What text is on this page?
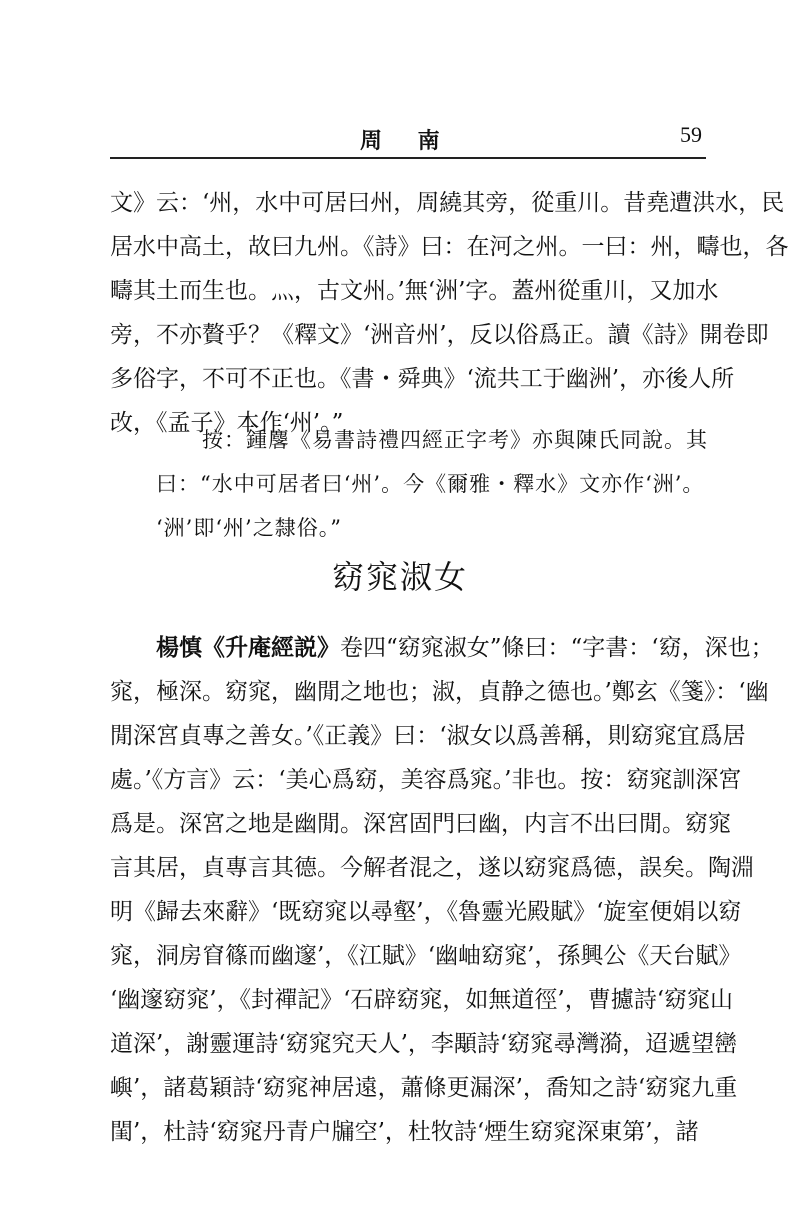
周 南	59
文》云：‘州，水中可居曰州，周繞其旁，從重川。昔堯遭洪水，民
居水中高土，故曰九州。《詩》曰：在河之州。一曰：州，疇也，各
疇其土而生也。灬，古文州。’無‘洲’字。蓋州從重川，又加水
旁，不亦贅乎？《釋文》‘洲音州’，反以俗爲正。讀《詩》開卷即
多俗字，不可不正也。《書・舜典》‘流共工于幽洲’，亦後人所
改，《孟子》本作‘州’。”
按：鍾麐《易書詩禮四經正字考》亦與陳氏同說。其
曰：“水中可居者曰‘州’。今《爾雅・釋水》文亦作‘洲’。
‘洲’即‘州’之隸俗。”
窈窕淑女
楊慎《升庵經説》卷四“窈窕淑女”條曰：“字書：‘窈，深也；
窕，極深。窈窕，幽閒之地也；淑，貞静之德也。’鄭玄《箋》：‘幽
閒深宮貞專之善女。’《正義》曰：‘淑女以爲善稱，則窈窕宜爲居
處。’《方言》云：‘美心爲窈，美容爲窕。’非也。按：窈窕訓深宮
爲是。深宮之地是幽閒。深宮固門曰幽，内言不出曰閒。窈窕
言其居，貞專言其德。今解者混之，遂以窈窕爲德，誤矣。陶淵
明《歸去來辭》‘既窈窕以尋壑’，《魯靈光殿賦》‘旋室便娟以窈
窕，洞房窅篠而幽邃’，《江賦》‘幽岫窈窕’，孫興公《天台賦》
‘幽邃窈窕’，《封禪記》‘石辟窈窕，如無道徑’，曹攄詩‘窈窕山
道深’，謝靈運詩‘窈窕究天人’，李顒詩‘窈窕尋灣漪，迢遞望巒
嶼’，諸葛穎詩‘窈窕神居遠，蕭條更漏深’，喬知之詩‘窈窕九重
閨’，杜詩‘窈窕丹青户牖空’，杜牧詩‘煙生窈窕深東第’，諸
